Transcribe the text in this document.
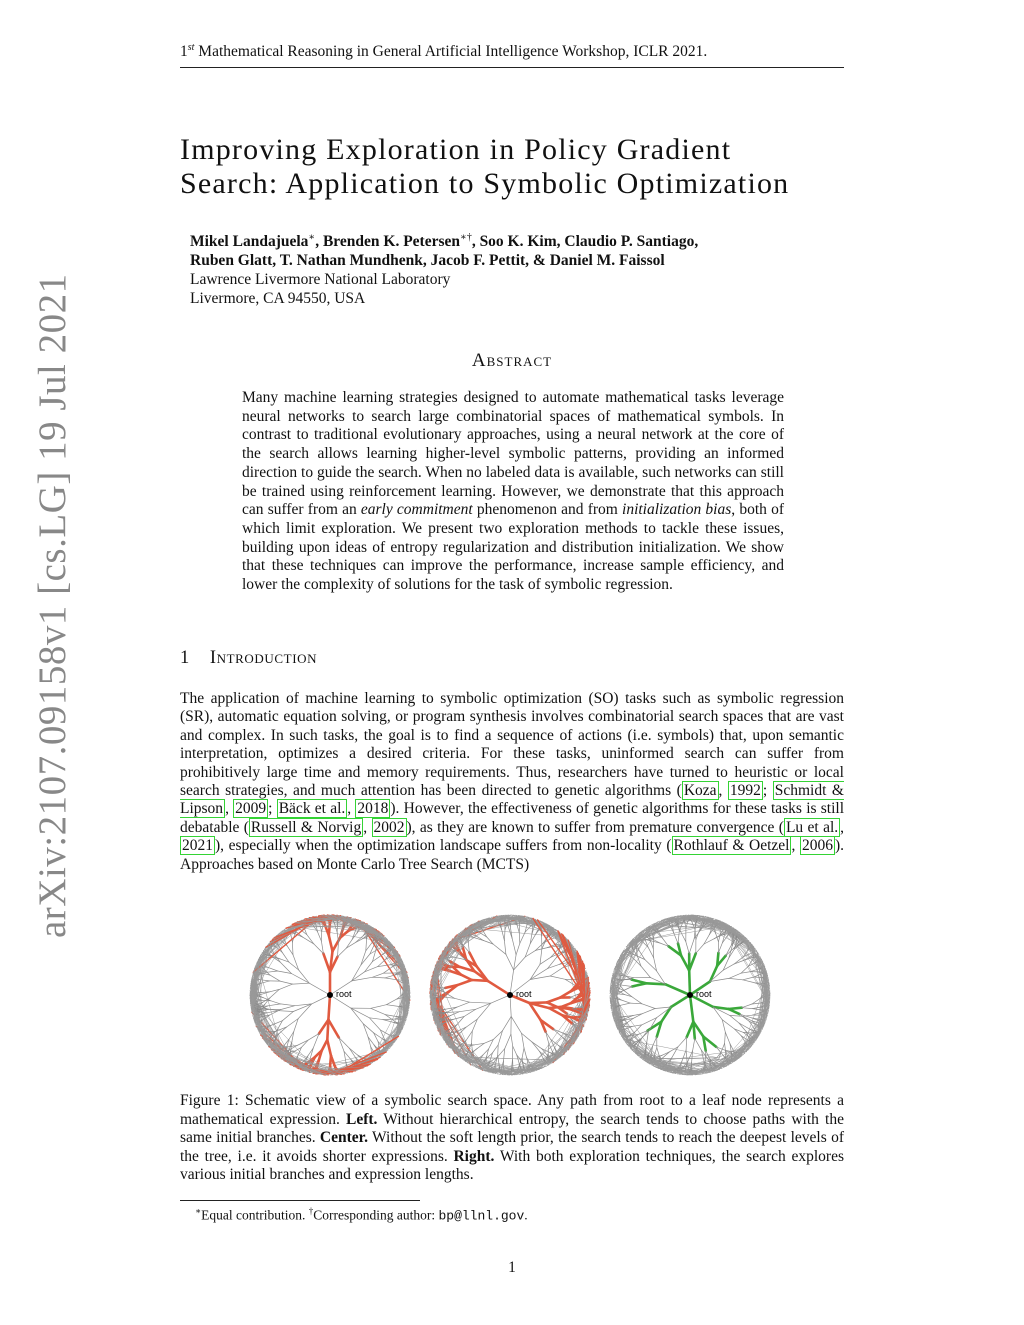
1st Mathematical Reasoning in General Artificial Intelligence Workshop, ICLR 2021.
arXiv:2107.09158v1 [cs.LG] 19 Jul 2021
Improving Exploration in Policy Gradient
Search: Application to Symbolic Optimization
Mikel Landajuela∗, Brenden K. Petersen∗†, Soo K. Kim, Claudio P. Santiago,
Ruben Glatt, T. Nathan Mundhenk, Jacob F. Pettit, & Daniel M. Faissol
Lawrence Livermore National Laboratory
Livermore, CA 94550, USA
Abstract
Many machine learning strategies designed to automate mathematical tasks leverage neural networks to search large combinatorial spaces of mathematical symbols. In contrast to traditional evolutionary approaches, using a neural network at the core of the search allows learning higher-level symbolic patterns, providing an informed direction to guide the search. When no labeled data is available, such networks can still be trained using reinforcement learning. However, we demonstrate that this approach can suffer from an early commitment phenomenon and from initialization bias, both of which limit exploration. We present two exploration methods to tackle these issues, building upon ideas of entropy regularization and distribution initialization. We show that these techniques can improve the performance, increase sample efficiency, and lower the complexity of solutions for the task of symbolic regression.
1 Introduction
The application of machine learning to symbolic optimization (SO) tasks such as symbolic regression (SR), automatic equation solving, or program synthesis involves combinatorial search spaces that are vast and complex. In such tasks, the goal is to find a sequence of actions (i.e. symbols) that, upon semantic interpretation, optimizes a desired criteria. For these tasks, uninformed search can suffer from prohibitively large time and memory requirements. Thus, researchers have turned to heuristic or local search strategies, and much attention has been directed to genetic algorithms ( Koza , 1992 ; Schmidt & Lipson , 2009 ; Bäck et al. , 2018 ). However, the effectiveness of genetic algorithms for these tasks is still debatable ( Russell & Norvig , 2002 ), as they are known to suffer from premature convergence ( Lu et al. , 2021 ), especially when the optimization landscape suffers from non-locality ( Rothlauf & Oetzel , 2006 ). Approaches based on Monte Carlo Tree Search (MCTS)
root	root	root
Figure 1: Schematic view of a symbolic search space. Any path from root to a leaf node represents a mathematical expression. Left. Without hierarchical entropy, the search tends to choose paths with the same initial branches. Center. Without the soft length prior, the search tends to reach the deepest levels of the tree, i.e. it avoids shorter expressions. Right. With both exploration techniques, the search explores various initial branches and expression lengths.
∗Equal contribution. †Corresponding author: bp@llnl.gov.
1
